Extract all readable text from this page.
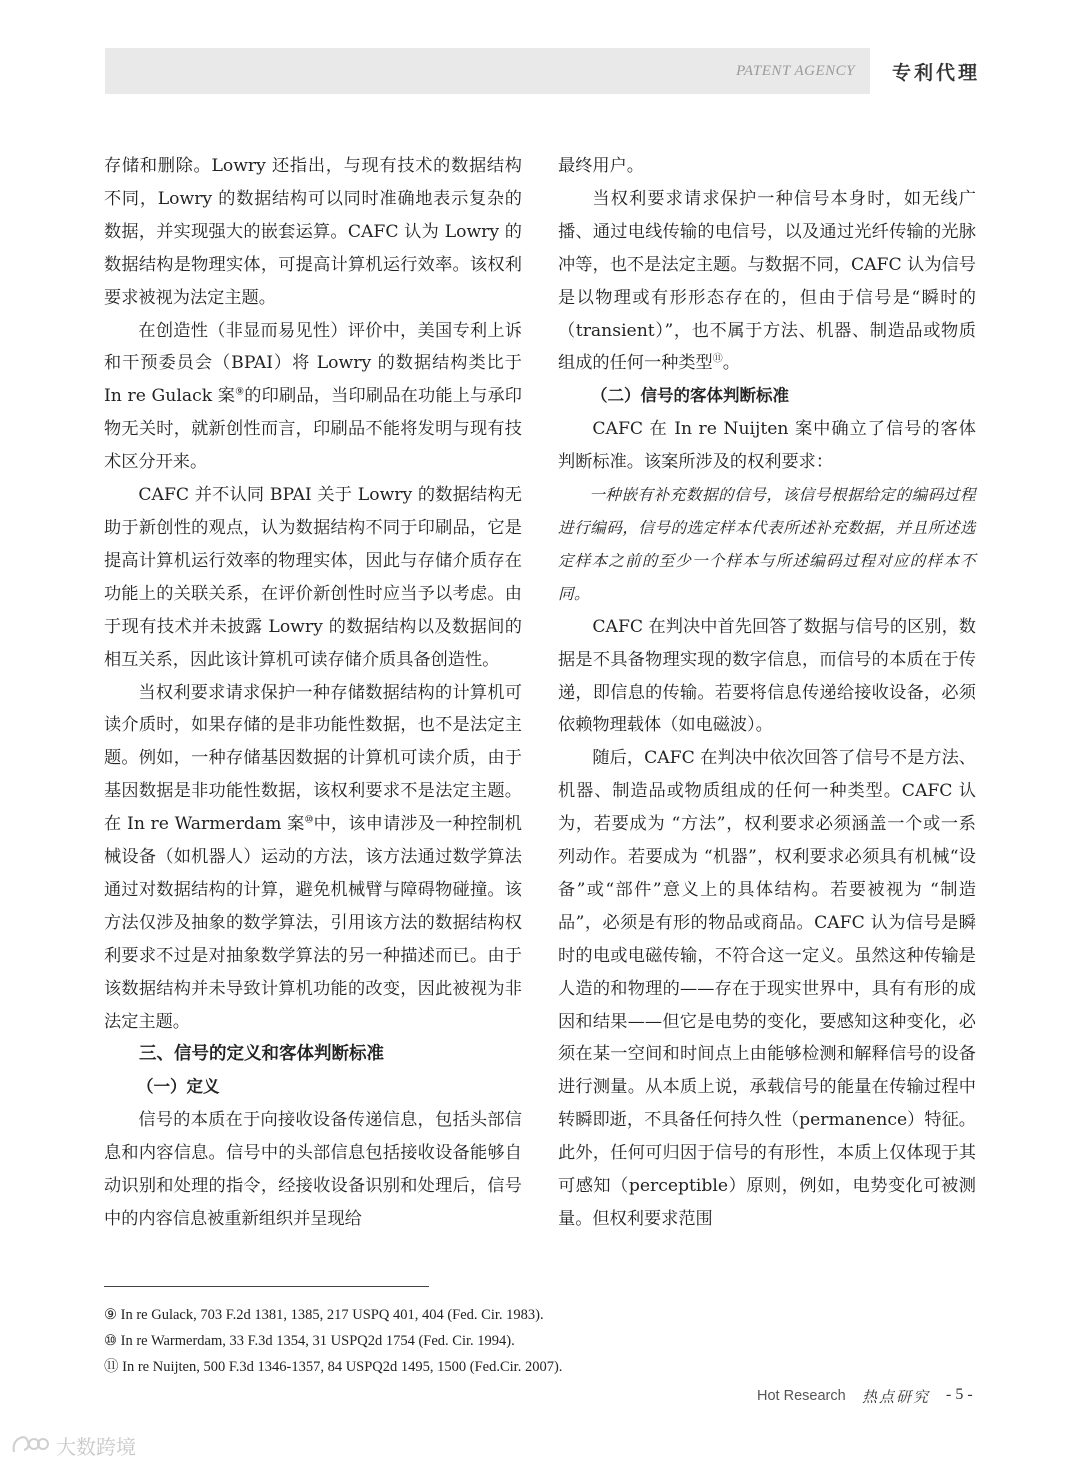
PATENT AGENCY 专利代理

存储和删除。Lowry 还指出，与现有技术的数据结构不同，Lowry 的数据结构可以同时准确地表示复杂的数据，并实现强大的嵌套运算。CAFC 认为 Lowry 的数据结构是物理实体，可提高计算机运行效率。该权利要求被视为法定主题。

在创造性（非显而易见性）评价中，美国专利上诉和干预委员会（BPAI）将 Lowry 的数据结构类比于 In re Gulack 案⑨的印刷品，当印刷品在功能上与承印物无关时，就新创性而言，印刷品不能将发明与现有技术区分开来。

CAFC 并不认同 BPAI 关于 Lowry 的数据结构无助于新创性的观点，认为数据结构不同于印刷品，它是提高计算机运行效率的物理实体，因此与存储介质存在功能上的关联关系，在评价新创性时应当予以考虑。由于现有技术并未披露 Lowry 的数据结构以及数据间的相互关系，因此该计算机可读存储介质具备创造性。

当权利要求请求保护一种存储数据结构的计算机可读介质时，如果存储的是非功能性数据，也不是法定主题。例如，一种存储基因数据的计算机可读介质，由于基因数据是非功能性数据，该权利要求不是法定主题。在 In re Warmerdam 案⑩中，该申请涉及一种控制机械设备（如机器人）运动的方法，该方法通过数学算法通过对数据结构的计算，避免机械臂与障碍物碰撞。该方法仅涉及抽象的数学算法，引用该方法的数据结构权利要求不过是对抽象数学算法的另一种描述而已。由于该数据结构并未导致计算机功能的改变，因此被视为非法定主题。

三、信号的定义和客体判断标准
（一）定义

信号的本质在于向接收设备传递信息，包括头部信息和内容信息。信号中的头部信息包括接收设备能够自动识别和处理的指令，经接收设备识别和处理后，信号中的内容信息被重新组织并呈现给

最终用户。

当权利要求请求保护一种信号本身时，如无线广播、通过电线传输的电信号，以及通过光纤传输的光脉冲等，也不是法定主题。与数据不同，CAFC 认为信号是以物理或有形形态存在的，但由于信号是“瞬时的（transient）”，也不属于方法、机器、制造品或物质组成的任何一种类型⑪。

（二）信号的客体判断标准

CAFC 在 In re Nuijten 案中确立了信号的客体判断标准。该案所涉及的权利要求：

一种嵌有补充数据的信号，该信号根据给定的编码过程进行编码，信号的选定样本代表所述补充数据，并且所述选定样本之前的至少一个样本与所述编码过程对应的样本不同。

CAFC 在判决中首先回答了数据与信号的区别，数据是不具备物理实现的数字信息，而信号的本质在于传递，即信息的传输。若要将信息传递给接收设备，必须依赖物理载体（如电磁波）。

随后，CAFC 在判决中依次回答了信号不是方法、机器、制造品或物质组成的任何一种类型。CAFC 认为，若要成为 “方法”，权利要求必须涵盖一个或一系列动作。若要成为 “机器”，权利要求必须具有机械“设备”或“部件”意义上的具体结构。若要被视为 “制造品”，必须是有形的物品或商品。CAFC 认为信号是瞬时的电或电磁传输，不符合这一定义。虽然这种传输是人造的和物理的——存在于现实世界中，具有有形的成因和结果——但它是电势的变化，要感知这种变化，必须在某一空间和时间点上由能够检测和解释信号的设备进行测量。从本质上说，承载信号的能量在传输过程中转瞬即逝，不具备任何持久性（permanence）特征。此外，任何可归因于信号的有形性，本质上仅体现于其可感知（perceptible）原则，例如，电势变化可被测量。但权利要求范围

⑨ In re Gulack, 703 F.2d 1381, 1385, 217 USPQ 401, 404 (Fed. Cir. 1983).
⑩ In re Warmerdam, 33 F.3d 1354, 31 USPQ2d 1754 (Fed. Cir. 1994).
⑪ In re Nuijten, 500 F.3d 1346-1357, 84 USPQ2d 1495, 1500 (Fed.Cir. 2007).
Hot Research 热点研究 - 5 -
大数跨境
